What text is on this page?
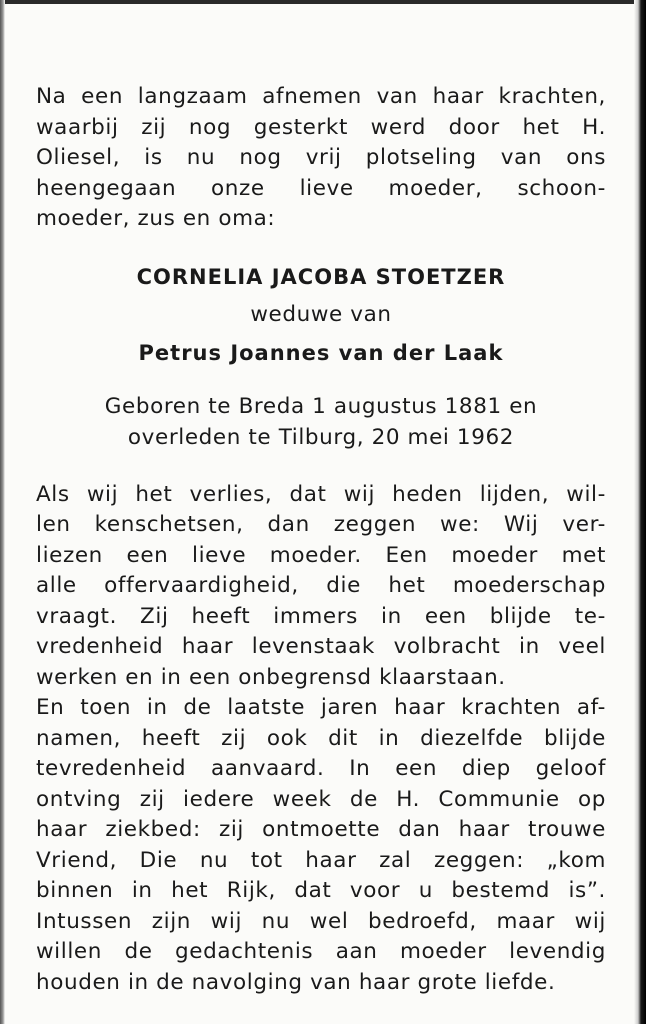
Na een langzaam afnemen van haar krachten,
waarbij zij nog gesterkt werd door het H.
Oliesel, is nu nog vrij plotseling van ons
heengegaan onze lieve moeder, schoon-
moeder, zus en oma:

CORNELIA JACOBA STOETZER
weduwe van
Petrus Joannes van der Laak
Geboren te Breda 1 augustus 1881 en
overleden te Tilburg, 20 mei 1962

Als wij het verlies, dat wij heden lijden, wil-
len kenschetsen, dan zeggen we: Wij ver-
liezen een lieve moeder. Een moeder met
alle offervaardigheid, die het moederschap
vraagt. Zij heeft immers in een blijde te-
vredenheid haar levenstaak volbracht in veel
werken en in een onbegrensd klaarstaan.
En toen in de laatste jaren haar krachten af-
namen, heeft zij ook dit in diezelfde blijde
tevredenheid aanvaard. In een diep geloof
ontving zij iedere week de H. Communie op
haar ziekbed: zij ontmoette dan haar trouwe
Vriend, Die nu tot haar zal zeggen: „kom
binnen in het Rijk, dat voor u bestemd is”.
Intussen zijn wij nu wel bedroefd, maar wij
willen de gedachtenis aan moeder levendig
houden in de navolging van haar grote liefde.
